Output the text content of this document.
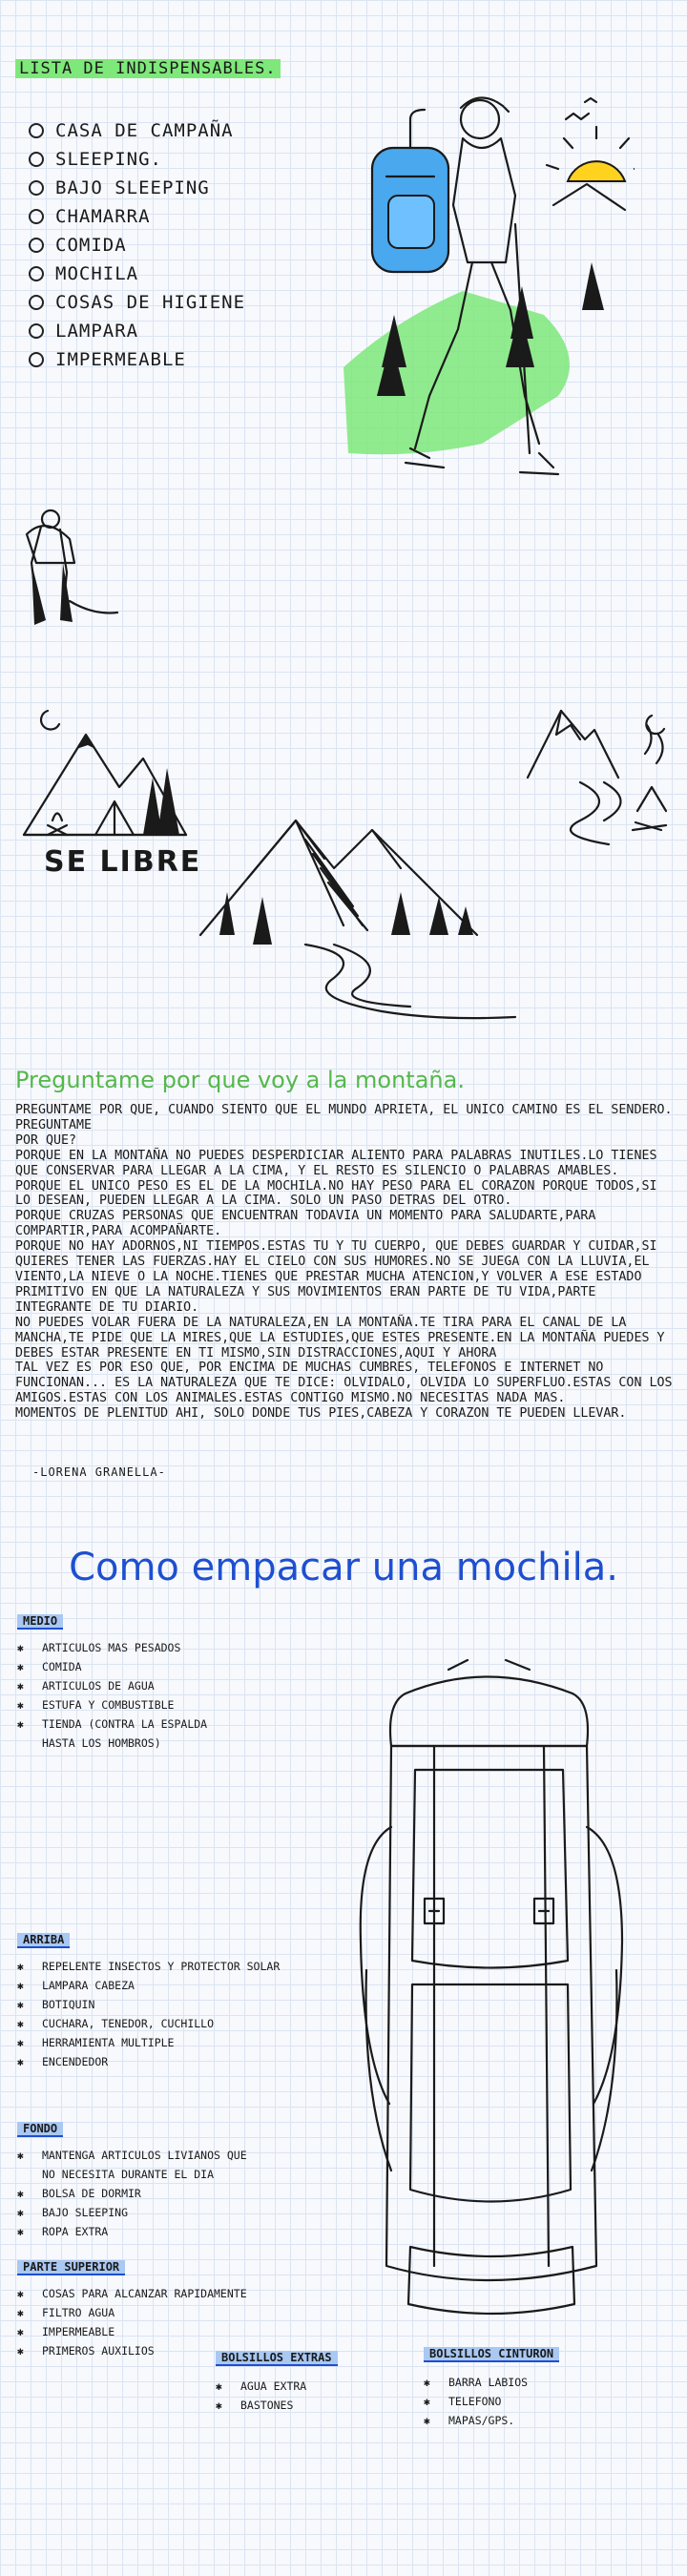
LISTA DE INDISPENSABLES.
CASA DE CAMPAÑA
SLEEPING.
BAJO SLEEPING
CHAMARRA
COMIDA
MOCHILA
COSAS DE HIGIENE
LAMPARA
IMPERMEABLE
SE LIBRE
Preguntame por que voy a la montaña.

PREGUNTAME POR QUE, CUANDO SIENTO QUE EL MUNDO APRIETA, EL UNICO CAMINO ES EL SENDERO.

PREGUNTAME

POR QUE?

PORQUE EN LA MONTAÑA NO PUEDES DESPERDICIAR ALIENTO PARA PALABRAS INUTILES.LO TIENES QUE CONSERVAR PARA LLEGAR A LA CIMA, Y EL RESTO ES SILENCIO O PALABRAS AMABLES.

PORQUE EL UNICO PESO ES EL DE LA MOCHILA.NO HAY PESO PARA EL CORAZON PORQUE TODOS,SI LO DESEAN, PUEDEN LLEGAR A LA CIMA. SOLO UN PASO DETRAS DEL OTRO.

PORQUE CRUZAS PERSONAS QUE ENCUENTRAN TODAVIA UN MOMENTO PARA SALUDARTE,PARA COMPARTIR,PARA ACOMPAÑARTE.

PORQUE NO HAY ADORNOS,NI TIEMPOS.ESTAS TU Y TU CUERPO, QUE DEBES GUARDAR Y CUIDAR,SI QUIERES TENER LAS FUERZAS.HAY EL CIELO CON SUS HUMORES.NO SE JUEGA CON LA LLUVIA,EL VIENTO,LA NIEVE O LA NOCHE.TIENES QUE PRESTAR MUCHA ATENCION,Y VOLVER A ESE ESTADO PRIMITIVO EN QUE LA NATURALEZA Y SUS MOVIMIENTOS ERAN PARTE DE TU VIDA,PARTE INTEGRANTE DE TU DIARIO.

NO PUEDES VOLAR FUERA DE LA NATURALEZA,EN LA MONTAÑA.TE TIRA PARA EL CANAL DE LA MANCHA,TE PIDE QUE LA MIRES,QUE LA ESTUDIES,QUE ESTES PRESENTE.EN LA MONTAÑA PUEDES Y DEBES ESTAR PRESENTE EN TI MISMO,SIN DISTRACCIONES,AQUI Y AHORA

TAL VEZ ES POR ESO QUE, POR ENCIMA DE MUCHAS CUMBRES, TELEFONOS E INTERNET NO FUNCIONAN... ES LA NATURALEZA QUE TE DICE: OLVIDALO, OLVIDA LO SUPERFLUO.ESTAS CON LOS AMIGOS.ESTAS CON LOS ANIMALES.ESTAS CONTIGO MISMO.NO NECESITAS NADA MAS.

MOMENTOS DE PLENITUD AHI, SOLO DONDE TUS PIES,CABEZA Y CORAZON TE PUEDEN LLEVAR.

-LORENA GRANELLA-
Como empacar una mochila.
MEDIO
✱	ARTICULOS MAS PESADOS
✱	COMIDA
✱	ARTICULOS DE AGUA
✱	ESTUFA Y COMBUSTIBLE
✱	TIENDA (CONTRA LA ESPALDA HASTA LOS HOMBROS)
ARRIBA
✱	REPELENTE INSECTOS Y PROTECTOR SOLAR
✱	LAMPARA CABEZA
✱	BOTIQUIN
✱	CUCHARA, TENEDOR, CUCHILLO
✱	HERRAMIENTA MULTIPLE
✱	ENCENDEDOR
FONDO
✱	MANTENGA ARTICULOS LIVIANOS QUE NO NECESITA DURANTE EL DIA
✱	BOLSA DE DORMIR
✱	BAJO SLEEPING
✱	ROPA EXTRA
PARTE SUPERIOR
✱	COSAS PARA ALCANZAR RAPIDAMENTE
✱	FILTRO AGUA
✱	IMPERMEABLE
✱	PRIMEROS AUXILIOS	BOLSILLOS EXTRAS
✱	AGUA EXTRA
✱	BASTONES
BOLSILLOS CINTURON
✱	BARRA LABIOS
✱	TELEFONO
✱	MAPAS/GPS.
